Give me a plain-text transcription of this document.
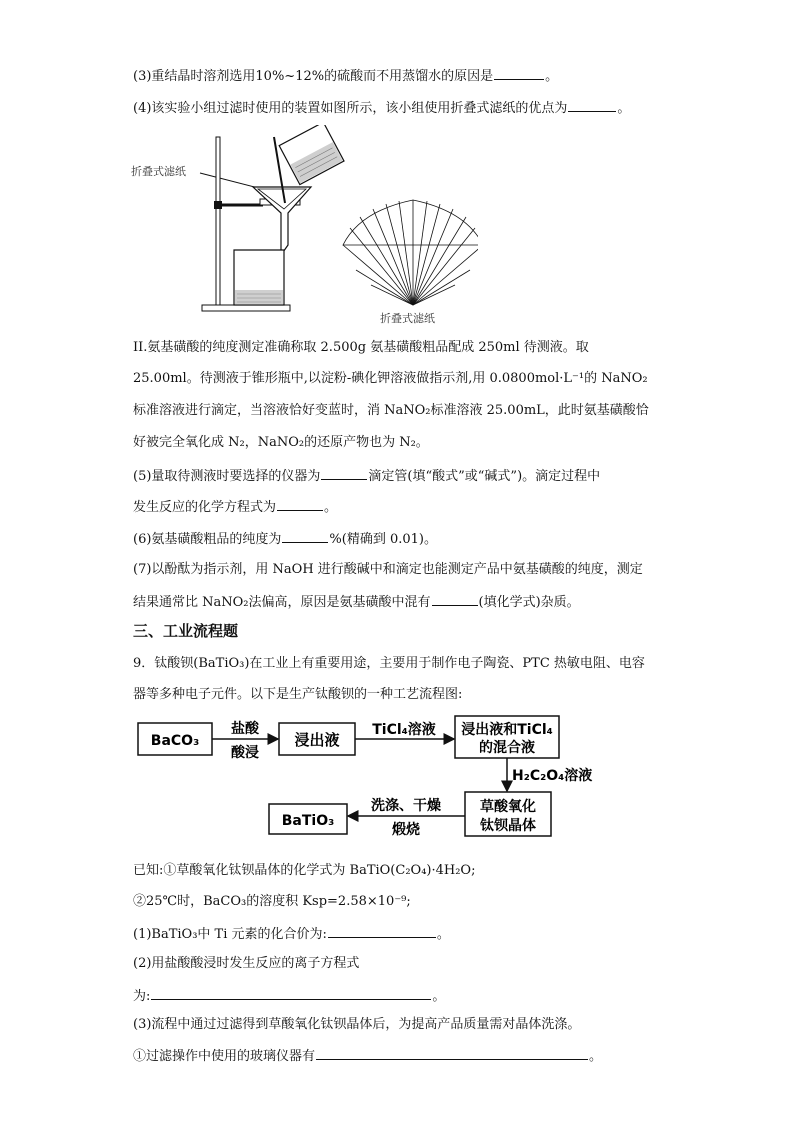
(3)重结晶时溶剂选用10%~12%的硫酸而不用蒸馏水的原因是	。
(4)该实验小组过滤时使用的装置如图所示，该小组使用折叠式滤纸的优点为	。
折叠式滤纸
折叠式滤纸
II.氨基磺酸的纯度测定准确称取 2.500g 氨基磺酸粗品配成 250ml 待测液。取
25.00ml。待测液于锥形瓶中,以淀粉-碘化钾溶液做指示剂,用 0.0800mol·L⁻¹的 NaNO₂
标准溶液进行滴定，当溶液恰好变蓝时，消 NaNO₂标准溶液 25.00mL，此时氨基磺酸恰
好被完全氧化成 N₂，NaNO₂的还原产物也为 N₂。
(5)量取待测液时要选择的仪器为	滴定管(填“酸式”或“碱式”)。滴定过程中
发生反应的化学方程式为	。
(6)氨基磺酸粗品的纯度为	%(精确到 0.01)。
(7)以酚酞为指示剂，用 NaOH 进行酸碱中和滴定也能测定产品中氨基磺酸的纯度，测定
结果通常比 NaNO₂法偏高，原因是氨基磺酸中混有	(填化学式)杂质。
三、工业流程题
9．钛酸钡(BaTiO₃)在工业上有重要用途，主要用于制作电子陶瓷、PTC 热敏电阻、电容
器等多种电子元件。以下是生产钛酸钡的一种工艺流程图:
BaCO₃
盐酸
酸浸
浸出液
TiCl₄溶液 浸出液和TiCl₄
的混合液
H₂C₂O₄溶液
草酸氧化
钛钡晶体
洗涤、干燥
煅烧
BaTiO₃
已知:①草酸氧化钛钡晶体的化学式为 BaTiO(C₂O₄)·4H₂O;
②25℃时，BaCO₃的溶度积 Ksp=2.58×10⁻⁹;
(1)BaTiO₃中 Ti 元素的化合价为:	。
(2)用盐酸酸浸时发生反应的离子方程式
为:	。
(3)流程中通过过滤得到草酸氧化钛钡晶体后，为提高产品质量需对晶体洗涤。
①过滤操作中使用的玻璃仪器有	。
